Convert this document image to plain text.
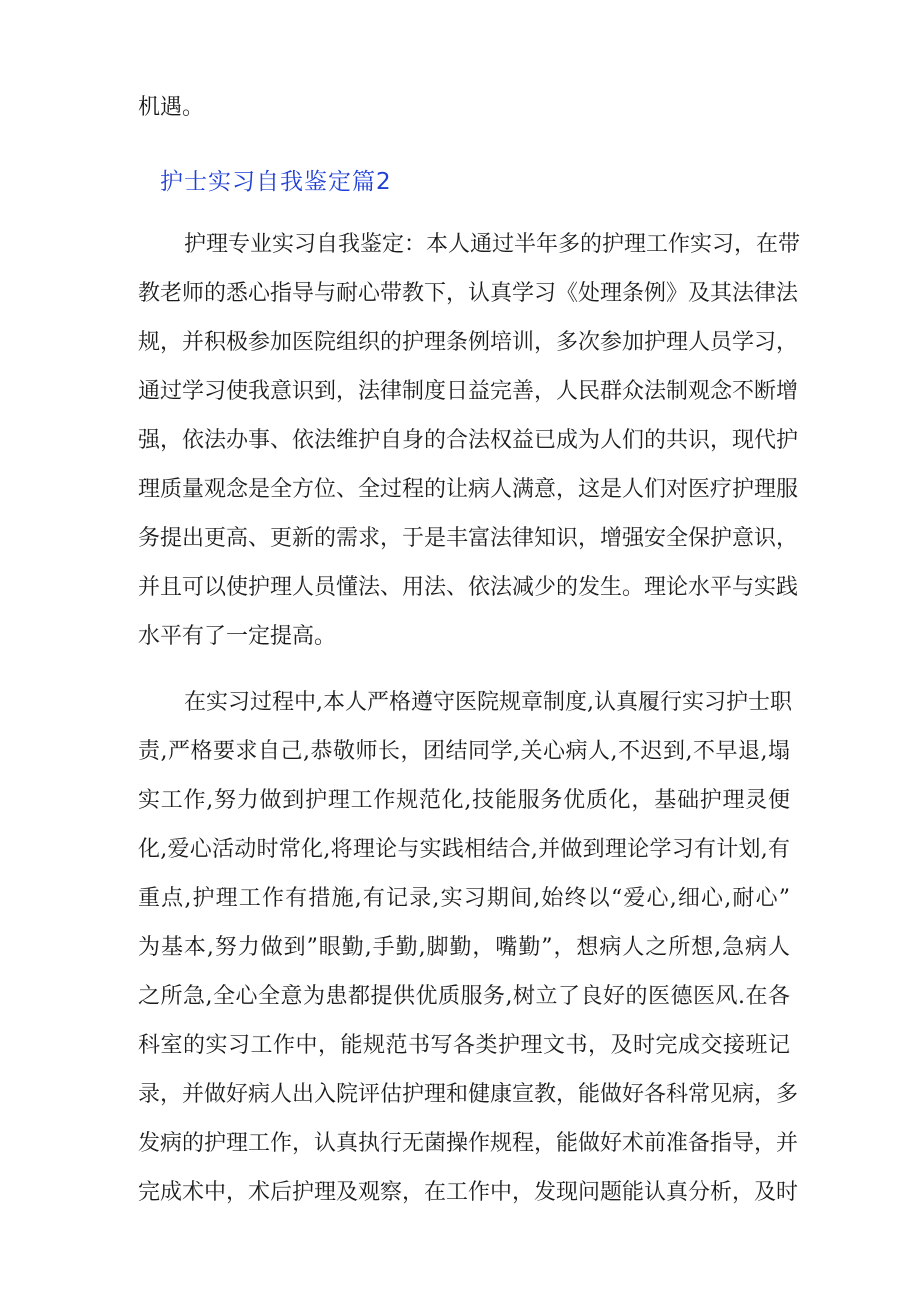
机遇。
护士实习自我鉴定篇2
护理专业实习自我鉴定：本人通过半年多的护理工作实习，在带
教老师的悉心指导与耐心带教下，认真学习《处理条例》及其法律法
规，并积极参加医院组织的护理条例培训，多次参加护理人员学习，
通过学习使我意识到，法律制度日益完善，人民群众法制观念不断增
强，依法办事、依法维护自身的合法权益已成为人们的共识，现代护
理质量观念是全方位、全过程的让病人满意，这是人们对医疗护理服
务提出更高、更新的需求，于是丰富法律知识，增强安全保护意识，
并且可以使护理人员懂法、用法、依法减少的发生。理论水平与实践
水平有了一定提高。
在实习过程中,本人严格遵守医院规章制度,认真履行实习护士职
责,严格要求自己,恭敬师长，团结同学,关心病人,不迟到,不早退,塌
实工作,努力做到护理工作规范化,技能服务优质化，基础护理灵便
化,爱心活动时常化,将理论与实践相结合,并做到理论学习有计划,有
重点,护理工作有措施,有记录,实习期间,始终以“爱心,细心,耐心”
为基本,努力做到”眼勤,手勤,脚勤，嘴勤”，想病人之所想,急病人
之所急,全心全意为患都提供优质服务,树立了良好的医德医风.在各
科室的实习工作中，能规范书写各类护理文书，及时完成交接班记
录，并做好病人出入院评估护理和健康宣教，能做好各科常见病，多
发病的护理工作，认真执行无菌操作规程，能做好术前准备指导，并
完成术中，术后护理及观察，在工作中，发现问题能认真分析，及时
